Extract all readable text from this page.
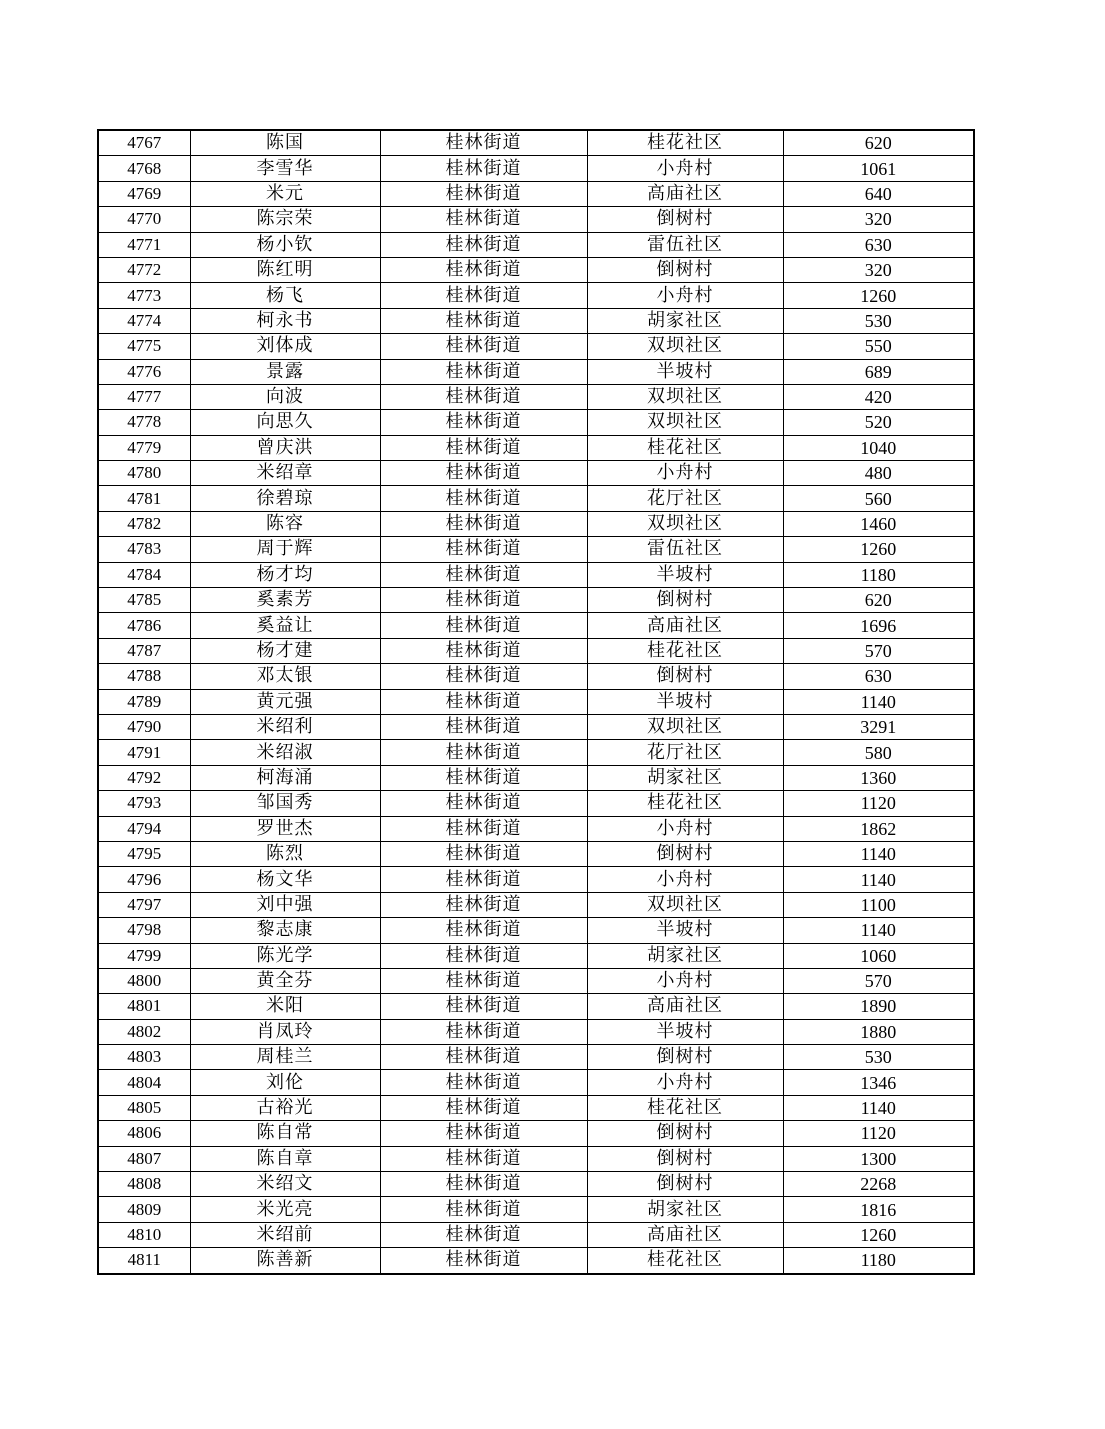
4767	陈国	桂林街道	桂花社区	620
4768	李雪华	桂林街道	小舟村	1061
4769	米元	桂林街道	高庙社区	640
4770	陈宗荣	桂林街道	倒树村	320
4771	杨小钦	桂林街道	雷伍社区	630
4772	陈红明	桂林街道	倒树村	320
4773	杨飞	桂林街道	小舟村	1260
4774	柯永书	桂林街道	胡家社区	530
4775	刘体成	桂林街道	双坝社区	550
4776	景露	桂林街道	半坡村	689
4777	向波	桂林街道	双坝社区	420
4778	向思久	桂林街道	双坝社区	520
4779	曾庆洪	桂林街道	桂花社区	1040
4780	米绍章	桂林街道	小舟村	480
4781	徐碧琼	桂林街道	花厅社区	560
4782	陈容	桂林街道	双坝社区	1460
4783	周于辉	桂林街道	雷伍社区	1260
4784	杨才均	桂林街道	半坡村	1180
4785	奚素芳	桂林街道	倒树村	620
4786	奚益让	桂林街道	高庙社区	1696
4787	杨才建	桂林街道	桂花社区	570
4788	邓太银	桂林街道	倒树村	630
4789	黄元强	桂林街道	半坡村	1140
4790	米绍利	桂林街道	双坝社区	3291
4791	米绍淑	桂林街道	花厅社区	580
4792	柯海涌	桂林街道	胡家社区	1360
4793	邹国秀	桂林街道	桂花社区	1120
4794	罗世杰	桂林街道	小舟村	1862
4795	陈烈	桂林街道	倒树村	1140
4796	杨文华	桂林街道	小舟村	1140
4797	刘中强	桂林街道	双坝社区	1100
4798	黎志康	桂林街道	半坡村	1140
4799	陈光学	桂林街道	胡家社区	1060
4800	黄全芬	桂林街道	小舟村	570
4801	米阳	桂林街道	高庙社区	1890
4802	肖凤玲	桂林街道	半坡村	1880
4803	周桂兰	桂林街道	倒树村	530
4804	刘伦	桂林街道	小舟村	1346
4805	古裕光	桂林街道	桂花社区	1140
4806	陈自常	桂林街道	倒树村	1120
4807	陈自章	桂林街道	倒树村	1300
4808	米绍文	桂林街道	倒树村	2268
4809	米光亮	桂林街道	胡家社区	1816
4810	米绍前	桂林街道	高庙社区	1260
4811	陈善新	桂林街道	桂花社区	1180
